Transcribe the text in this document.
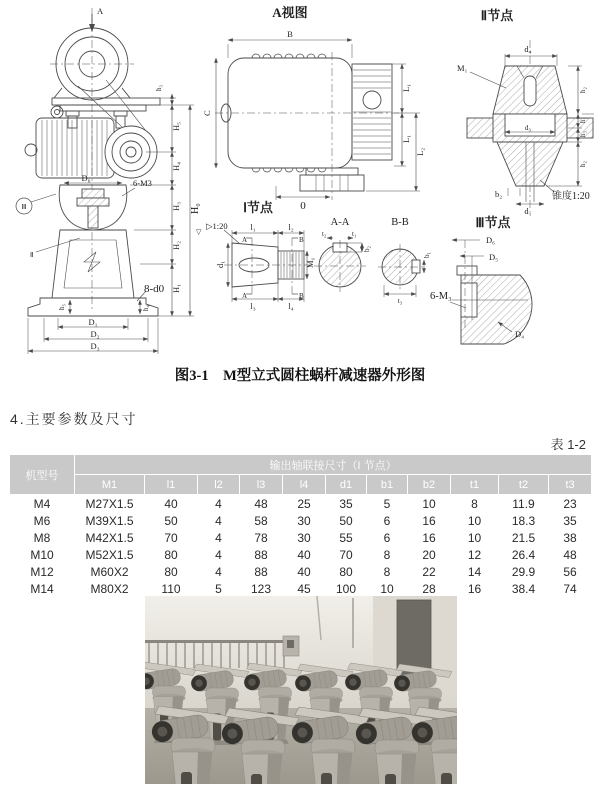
A
h₃
H₅
H₄
H₃
H₂
H₁
H₀
▽
D₆	6-M3
Ⅱ
Ⅲ
8-d0
h₅	h₄
D₁
D₂
D₃
A视图
B
C
L₁
L₁
L₂
0
Ⅱ节点
d₄
M₁
d₃
b₂
d₁
锥度1:20
h₂
h₁
h₃
h₂
Ⅰ节点
▷1:20	l₁	l₂
A
A
B
B
d₁	M₁
l₃	l₄
A-A
t₂	t₁
b₂
B-B
b₁
t₃
Ⅲ节点
D₆
D₅
6-M₃
D₄
图3-1　M型立式圆柱蜗杆减速器外形图
4.主要参数及尺寸
表 1-2
机型号	输出轴联接尺寸（I 节点）										
	M1	l1	l2	l3	l4	d1	b1	b2	t1	t2	t3
M4	M27X1.5	40	4	48	25	35	5	10	8	11.9	23
M6	M39X1.5	50	4	58	30	50	6	16	10	18.3	35
M8	M42X1.5	70	4	78	30	55	6	16	10	21.5	38
M10	M52X1.5	80	4	88	40	70	8	20	12	26.4	48
M12	M60X2	80	4	88	40	80	8	22	14	29.9	56
M14	M80X2	110	5	123	45	100	10	28	16	38.4	74
